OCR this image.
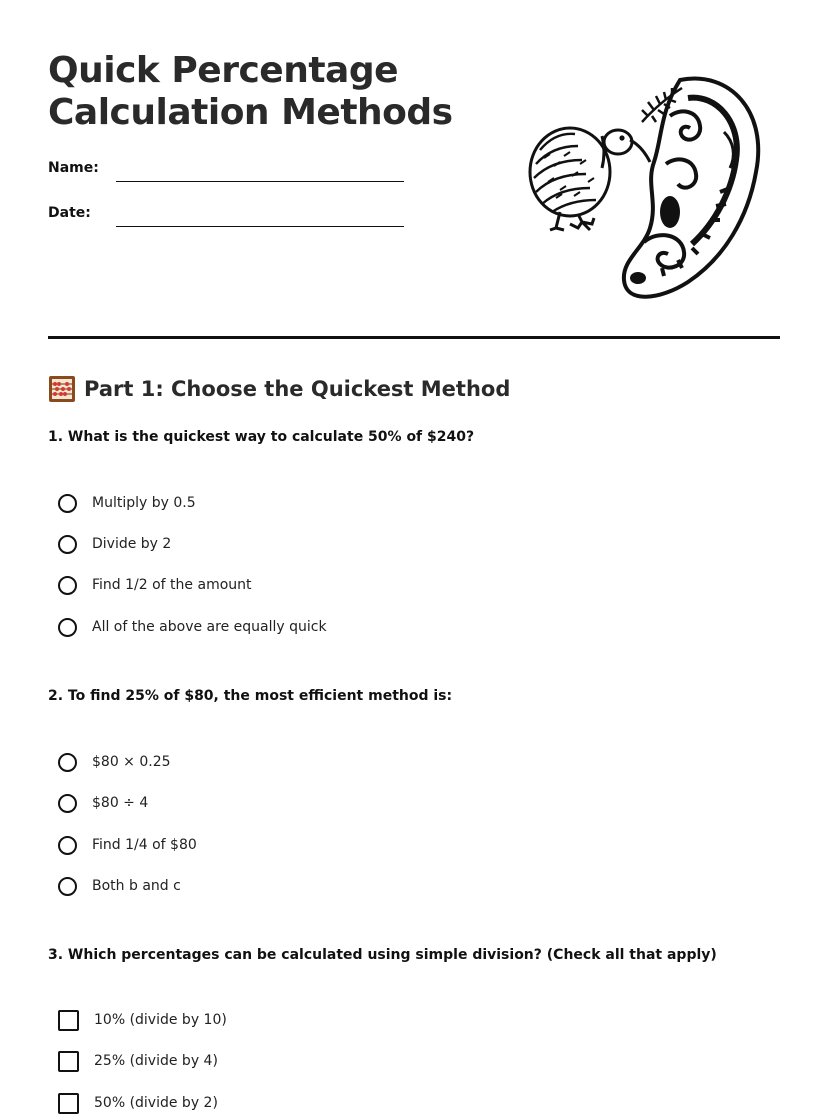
Quick Percentage
Calculation Methods
Name:
Date:
Part 1: Choose the Quickest Method
1. What is the quickest way to calculate 50% of $240?
Multiply by 0.5
Divide by 2
Find 1/2 of the amount
All of the above are equally quick
2. To find 25% of $80, the most efficient method is:
$80 × 0.25
$80 ÷ 4
Find 1/4 of $80
Both b and c
3. Which percentages can be calculated using simple division? (Check all that apply)
10% (divide by 10)
25% (divide by 4)
50% (divide by 2)
